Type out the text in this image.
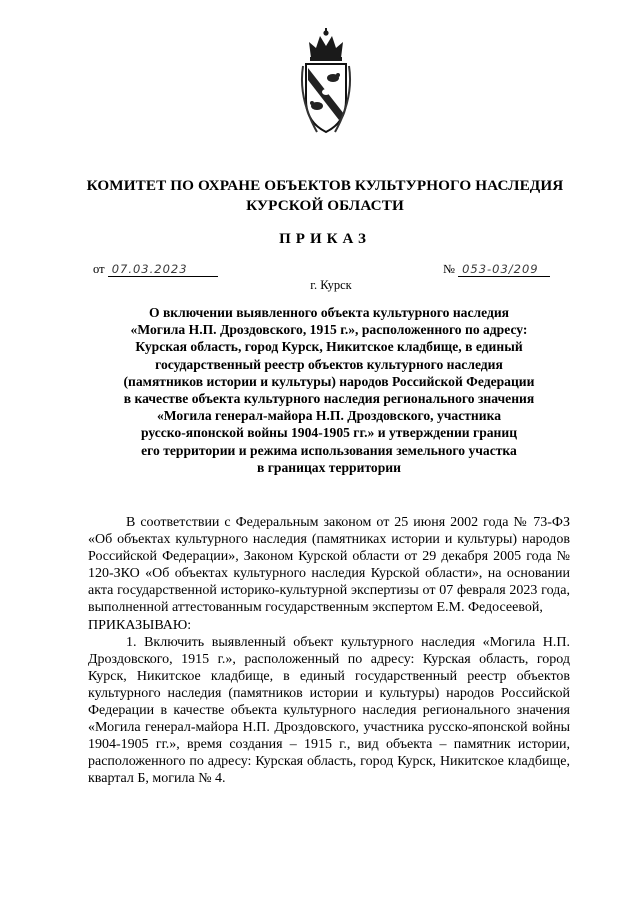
КОМИТЕТ ПО ОХРАНЕ ОБЪЕКТОВ КУЛЬТУРНОГО НАСЛЕДИЯ
КУРСКОЙ ОБЛАСТИ
ПРИКАЗ
от 07.03.2023	№ 053-03/209
г. Курск
О включении выявленного объекта культурного наследия
«Могила Н.П. Дроздовского, 1915 г.», расположенного по адресу:
Курская область, город Курск, Никитское кладбище, в единый
государственный реестр объектов культурного наследия
(памятников истории и культуры) народов Российской Федерации
в качестве объекта культурного наследия регионального значения
«Могила генерал-майора Н.П. Дроздовского, участника
русско-японской войны 1904-1905 гг.» и утверждении границ
его территории и режима использования земельного участка
в границах территории

В соответствии с Федеральным законом от 25 июня 2002 года № 73-ФЗ «Об объектах культурного наследия (памятниках истории и культуры) народов Российской Федерации», Законом Курской области от 29 декабря 2005 года № 120-ЗКО «Об объектах культурного наследия Курской области», на основании акта государственной историко-культурной экспертизы от 07 февраля 2023 года, выполненной аттестованным государственным экспертом Е.М. Федосеевой,

ПРИКАЗЫВАЮ:

1. Включить выявленный объект культурного наследия «Могила Н.П. Дроздовского, 1915 г.», расположенный по адресу: Курская область, город Курск, Никитское кладбище, в единый государственный реестр объектов культурного наследия (памятников истории и культуры) народов Российской Федерации в качестве объекта культурного наследия регионального значения «Могила генерал-майора Н.П. Дроздовского, участника русско-японской войны 1904-1905 гг.», время создания – 1915 г., вид объекта – памятник истории, расположенного по адресу: Курская область, город Курск, Никитское кладбище, квартал Б, могила № 4.
